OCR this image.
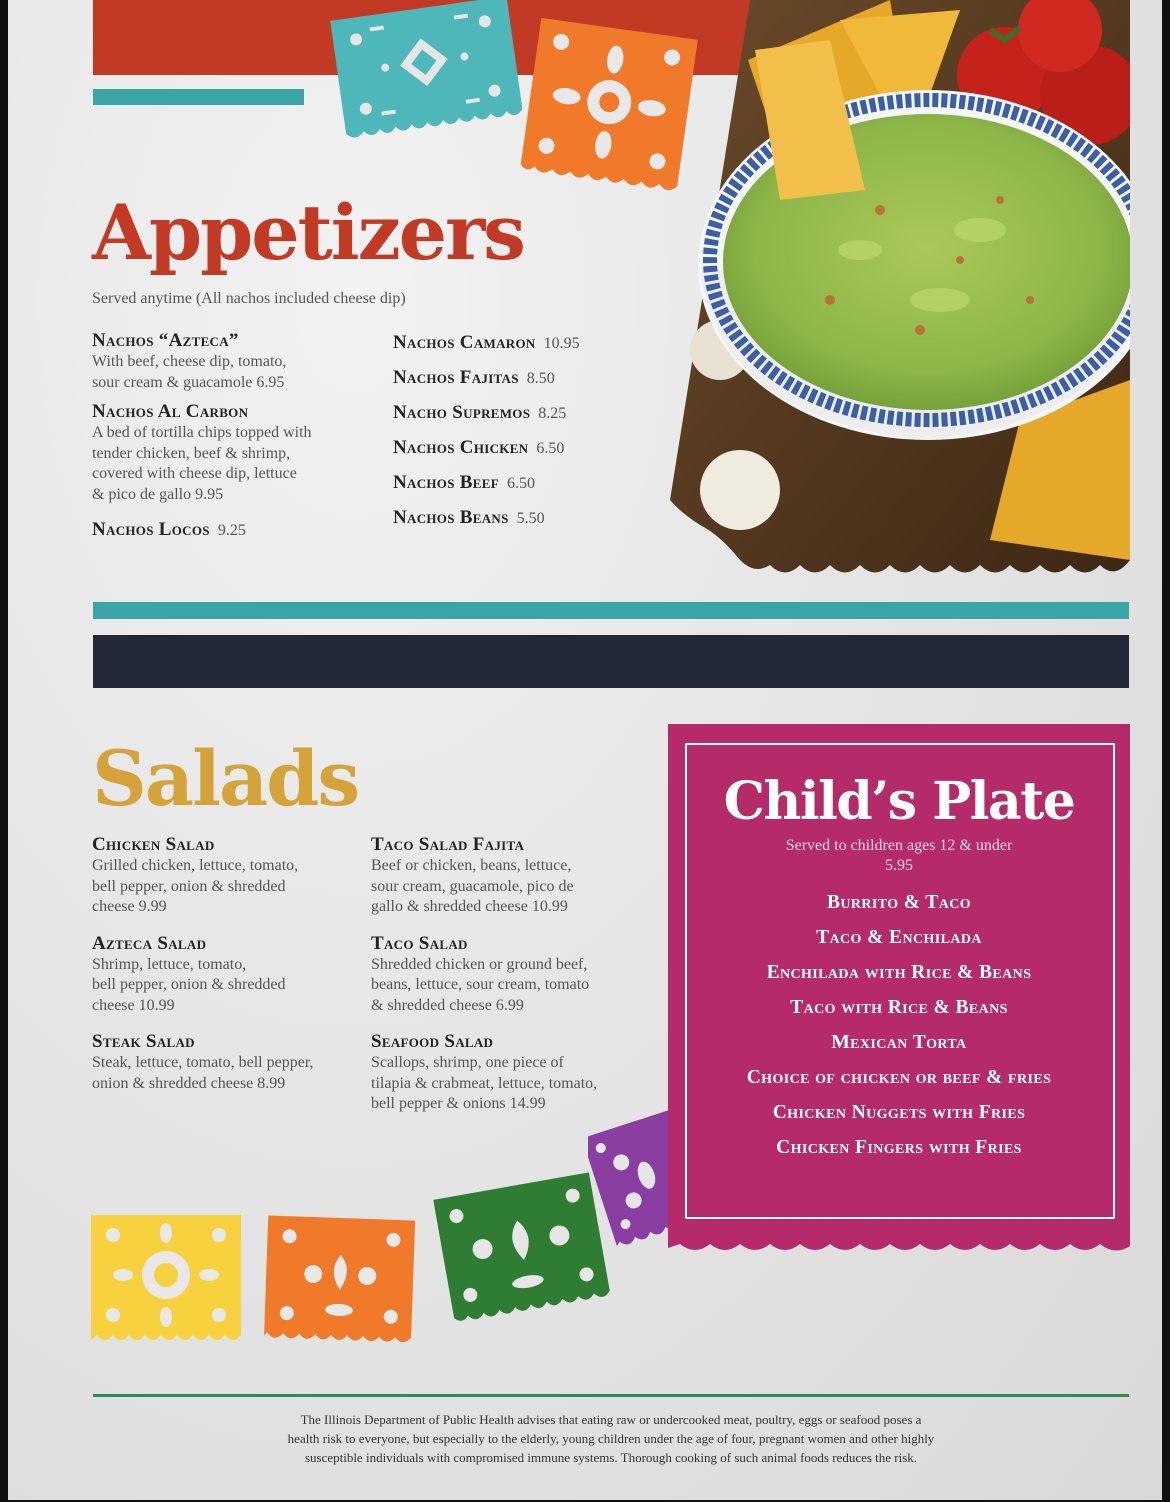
Appetizers
Served anytime (All nachos included cheese dip)
Nachos “Azteca”
With beef, cheese dip, tomato,
sour cream & guacamole 6.95
Nachos Al Carbon
A bed of tortilla chips topped with
tender chicken, beef & shrimp,
covered with cheese dip, lettuce
& pico de gallo 9.95
Nachos Locos 9.25
Nachos Camaron 10.95
Nachos Fajitas 8.50
Nacho Supremos 8.25
Nachos Chicken 6.50
Nachos Beef 6.50
Nachos Beans 5.50
Salads
Chicken Salad
Grilled chicken, lettuce, tomato,
bell pepper, onion & shredded
cheese 9.99
Azteca Salad
Shrimp, lettuce, tomato,
bell pepper, onion & shredded
cheese 10.99
Steak Salad
Steak, lettuce, tomato, bell pepper,
onion & shredded cheese 8.99
Taco Salad Fajita
Beef or chicken, beans, lettuce,
sour cream, guacamole, pico de
gallo & shredded cheese 10.99
Taco Salad
Shredded chicken or ground beef,
beans, lettuce, sour cream, tomato
& shredded cheese 6.99
Seafood Salad
Scallops, shrimp, one piece of
tilapia & crabmeat, lettuce, tomato,
bell pepper & onions 14.99
Child’s Plate
Served to children ages 12 & under
5.95
Burrito & Taco
Taco & Enchilada
Enchilada with Rice & Beans
Taco with Rice & Beans
Mexican Torta
Choice of chicken or beef & fries
Chicken Nuggets with Fries
Chicken Fingers with Fries
The Illinois Department of Public Health advises that eating raw or undercooked meat, poultry, eggs or seafood poses a
health risk to everyone, but especially to the elderly, young children under the age of four, pregnant women and other highly
susceptible individuals with compromised immune systems. Thorough cooking of such animal foods reduces the risk.
